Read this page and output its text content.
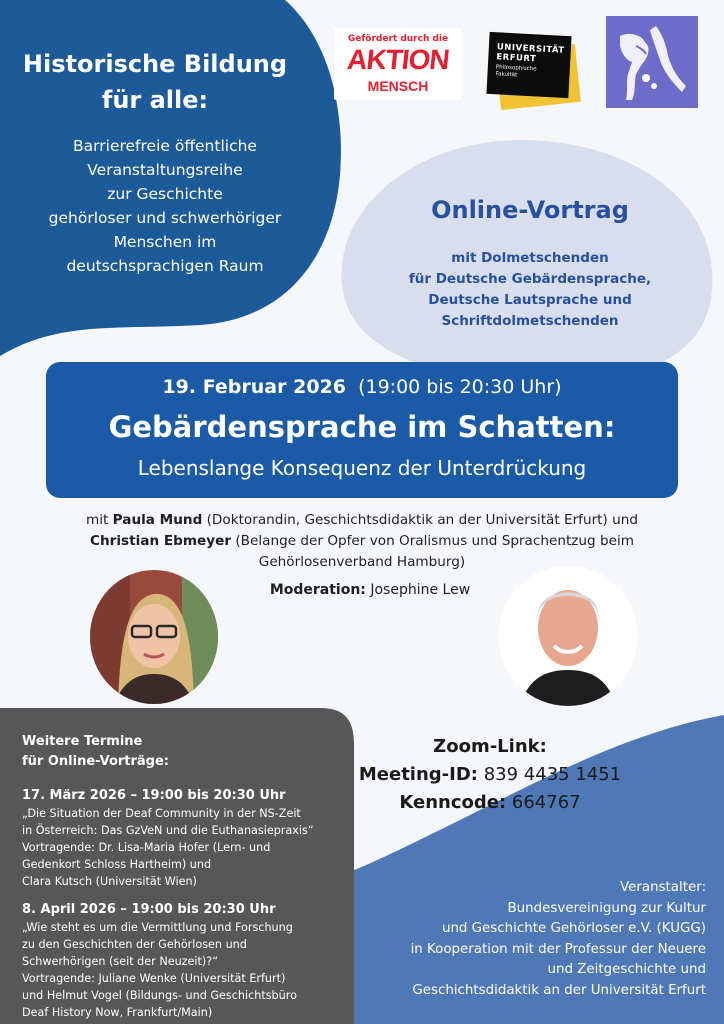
Historische Bildung
für alle:
Barrierefreie öffentliche
Veranstaltungsreihe
zur Geschichte
gehörloser und schwerhöriger
Menschen im
deutschsprachigen Raum
Gefördert durch die
AKTION
MENSCH
UNIVERSITÄT
ERFURT
Philosophische Fakultät
Online-Vortrag
mit Dolmetschenden
für Deutsche Gebärdensprache,
Deutsche Lautsprache und
Schriftdolmetschenden
19. Februar 2026 (19:00 bis 20:30 Uhr)
Gebärdensprache im Schatten:
Lebenslange Konsequenz der Unterdrückung
mit Paula Mund (Doktorandin, Geschichtsdidaktik an der Universität Erfurt) und
Christian Ebmeyer (Belange der Opfer von Oralismus und Sprachentzug beim
Gehörlosenverband Hamburg)
Moderation: Josephine Lew
Weitere Termine
für Online-Vorträge:
17. März 2026 – 19:00 bis 20:30 Uhr
„Die Situation der Deaf Community in der NS-Zeit
in Österreich: Das GzVeN und die Euthanasiepraxis“
Vortragende: Dr. Lisa-Maria Hofer (Lern- und
Gedenkort Schloss Hartheim) und
Clara Kutsch (Universität Wien)
8. April 2026 – 19:00 bis 20:30 Uhr
„Wie steht es um die Vermittlung und Forschung
zu den Geschichten der Gehörlosen und
Schwerhörigen (seit der Neuzeit)?“
Vortragende: Juliane Wenke (Universität Erfurt)
und Helmut Vogel (Bildungs- und Geschichtsbüro
Deaf History Now, Frankfurt/Main)
Zoom-Link:
Meeting-ID: 839 4435 1451
Kenncode: 664767
Veranstalter:
Bundesvereinigung zur Kultur
und Geschichte Gehörloser e.V. (KUGG)
in Kooperation mit der Professur der Neuere
und Zeitgeschichte und
Geschichtsdidaktik an der Universität Erfurt
